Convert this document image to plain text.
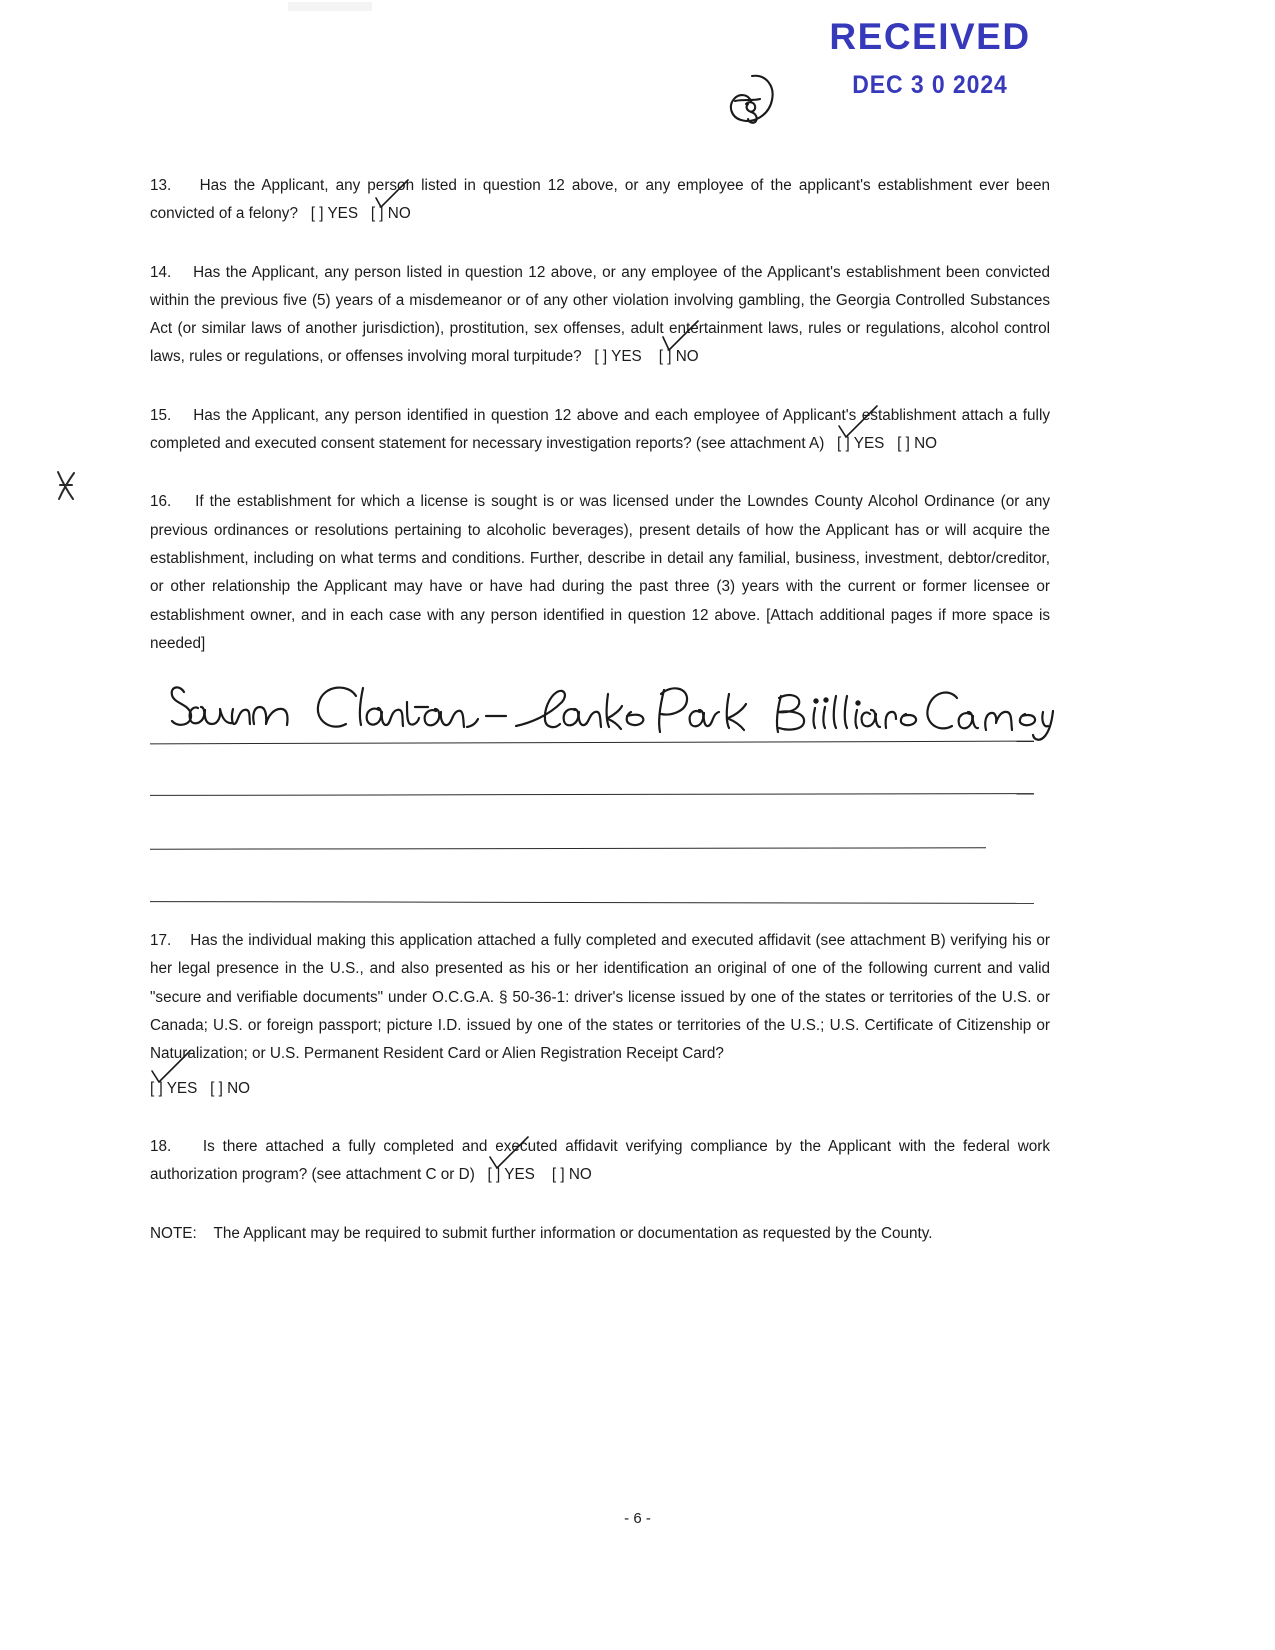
RECEIVED
DEC 3 0 2024

13. Has the Applicant, any person listed in question 12 above, or any employee of the applicant's establishment ever been convicted of a felony? [ ] YES [ ] NO

14. Has the Applicant, any person listed in question 12 above, or any employee of the Applicant's establishment been convicted within the previous five (5) years of a misdemeanor or of any other violation involving gambling, the Georgia Controlled Substances Act (or similar laws of another jurisdiction), prostitution, sex offenses, adult entertainment laws, rules or regulations, alcohol control laws, rules or regulations, or offenses involving moral turpitude? [ ] YES [ ] NO

15. Has the Applicant, any person identified in question 12 above and each employee of Applicant's establishment attach a fully completed and executed consent statement for necessary investigation reports? (see attachment A) [ ] YES [ ] NO

16. If the establishment for which a license is sought is or was licensed under the Lowndes County Alcohol Ordinance (or any previous ordinances or resolutions pertaining to alcoholic beverages), present details of how the Applicant has or will acquire the establishment, including on what terms and conditions. Further, describe in detail any familial, business, investment, debtor/creditor, or other relationship the Applicant may have or have had during the past three (3) years with the current or former licensee or establishment owner, and in each case with any person identified in question 12 above. [Attach additional pages if more space is needed]

17. Has the individual making this application attached a fully completed and executed affidavit (see attachment B) verifying his or her legal presence in the U.S., and also presented as his or her identification an original of one of the following current and valid "secure and verifiable documents" under O.C.G.A. § 50-36-1: driver's license issued by one of the states or territories of the U.S. or Canada; U.S. or foreign passport; picture I.D. issued by one of the states or territories of the U.S.; U.S. Certificate of Citizenship or Naturalization; or U.S. Permanent Resident Card or Alien Registration Receipt Card?

[ ] YES [ ] NO

18. Is there attached a fully completed and executed affidavit verifying compliance by the Applicant with the federal work authorization program? (see attachment C or D) [ ] YES [ ] NO

NOTE: The Applicant may be required to submit further information or documentation as requested by the County.

- 6 -
